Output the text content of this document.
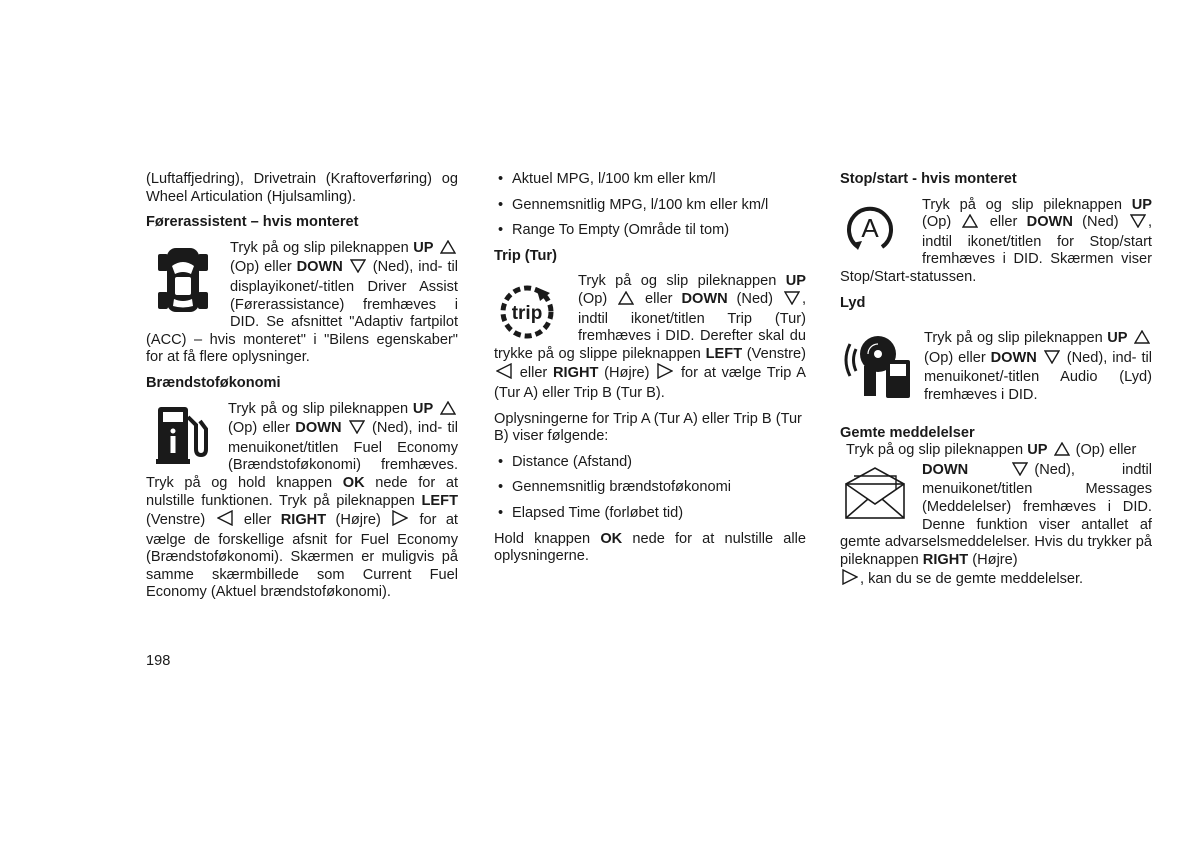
(Luftaffjedring), Drivetrain (Kraftoverføring) og Wheel Articulation (Hjulsamling).

Førerassistent – hvis monteret
Tryk på og slip pileknappen UP  (Op) eller DOWN (Ned), ind- til displayikonet/-titlen Driver Assist (Førerassistance) fremhæves i DID. Se afsnittet "Adaptiv fartpilot (ACC) – hvis monteret" i "Bilens egenskaber" for at få flere oplysninger.
Brændstoføkonomi
Tryk på og slip pileknappen UP  (Op) eller DOWN (Ned), ind- til menuikonet/titlen Fuel Economy (Brændstoføkonomi) fremhæves. Tryk på og hold knappen OK nede for at nulstille funktionen. Tryk på pileknappen LEFT (Venstre)	eller RIGHT (Højre)	for at vælge de forskellige afsnit for Fuel Economy (Brændstoføkonomi). Skærmen er muligvis på samme skærmbillede som Current Fuel Economy (Aktuel brændstoføkonomi).
• Aktuel MPG, l/100 km eller km/l
• Gennemsnitlig MPG, l/100 km eller km/l
• Range To Empty (Område til tom)
Trip (Tur)
trip
Tryk på og slip pileknappen UP (Op)	eller DOWN (Ned) , indtil ikonet/titlen Trip (Tur) fremhæves i DID. Derefter skal du trykke på og slippe pileknappen LEFT (Venstre)  eller RIGHT (Højre) for at vælge Trip A (Tur A) eller Trip B (Tur B).

Oplysningerne for Trip A (Tur A) eller Trip B (Tur B) viser følgende:

• Distance (Afstand)
• Gennemsnitlig brændstoføkonomi
• Elapsed Time (forløbet tid)

Hold knappen OK nede for at nulstille alle oplysningerne.

Stop/start - hvis monteret
A
Tryk på og slip pileknappen UP (Op)	eller DOWN (Ned) , indtil ikonet/titlen for Stop/start fremhæves i DID. Skærmen viser Stop/Start-statussen.
Lyd
Tryk på og slip pileknappen UP  (Op) eller DOWN (Ned), ind- til menuikonet/-titlen Audio (Lyd) fremhæves i DID.
Gemte meddelelser
Tryk på og slip pileknappen UP (Op) eller
DOWN	(Ned),	indtil

menuikonet/titlen Messages (Meddelelser) fremhæves i DID. Denne funktion viser antallet af gemte advarselsmeddelelser. Hvis du trykker på pileknappen RIGHT (Højre)
, kan du se de gemte meddelelser.
198
